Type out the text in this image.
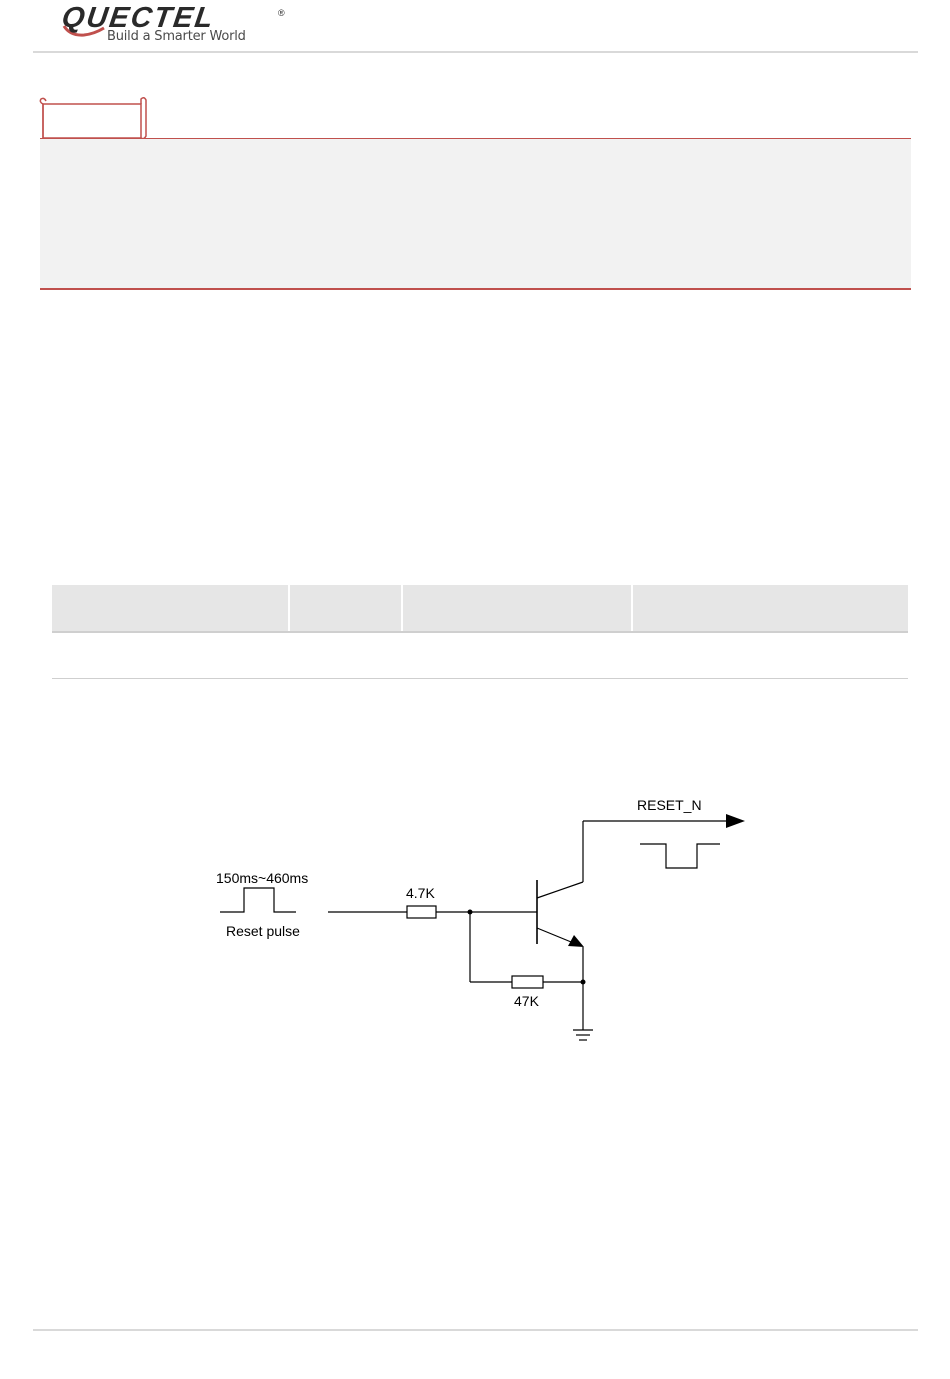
QUECTEL	®
Build a Smarter World
150ms~460ms
Reset pulse
4.7K
47K
RESET_N
